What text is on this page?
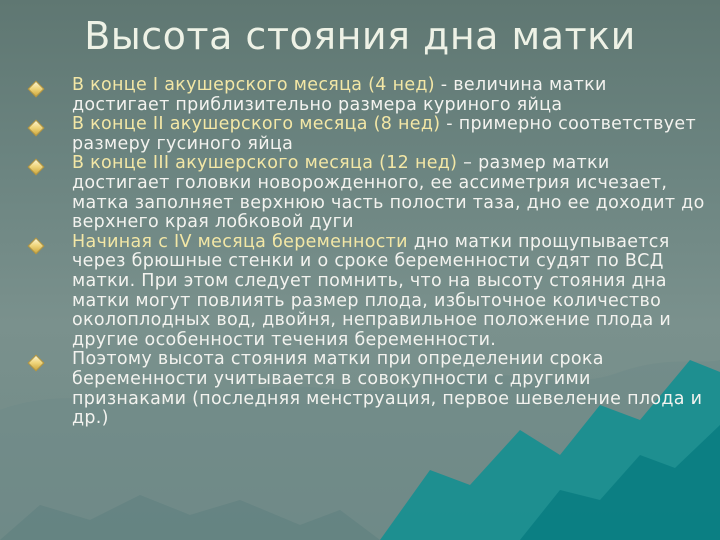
Высота стояния дна матки
В конце I акушерского месяца (4 нед) - величина матки достигает приблизительно размера куриного яйца
В конце II акушерского месяца (8 нед) - примерно соответствует размеру гусиного яйца
В конце III акушерского месяца (12 нед) – размер матки достигает головки новорожденного, ее ассиметрия исчезает, матка заполняет верхнюю часть полости таза, дно ее доходит до верхнего края лобковой дуги
Начиная с IV месяца беременности дно матки прощупывается через брюшные стенки и о сроке беременности судят по ВСД матки. При этом следует помнить, что на высоту стояния дна матки могут повлиять размер плода, избыточное количество околоплодных вод, двойня, неправильное положение плода и другие особенности течения беременности.
Поэтому высота стояния матки при определении срока беременности учитывается в совокупности с другими признаками (последняя менструация, первое шевеление плода и др.)
